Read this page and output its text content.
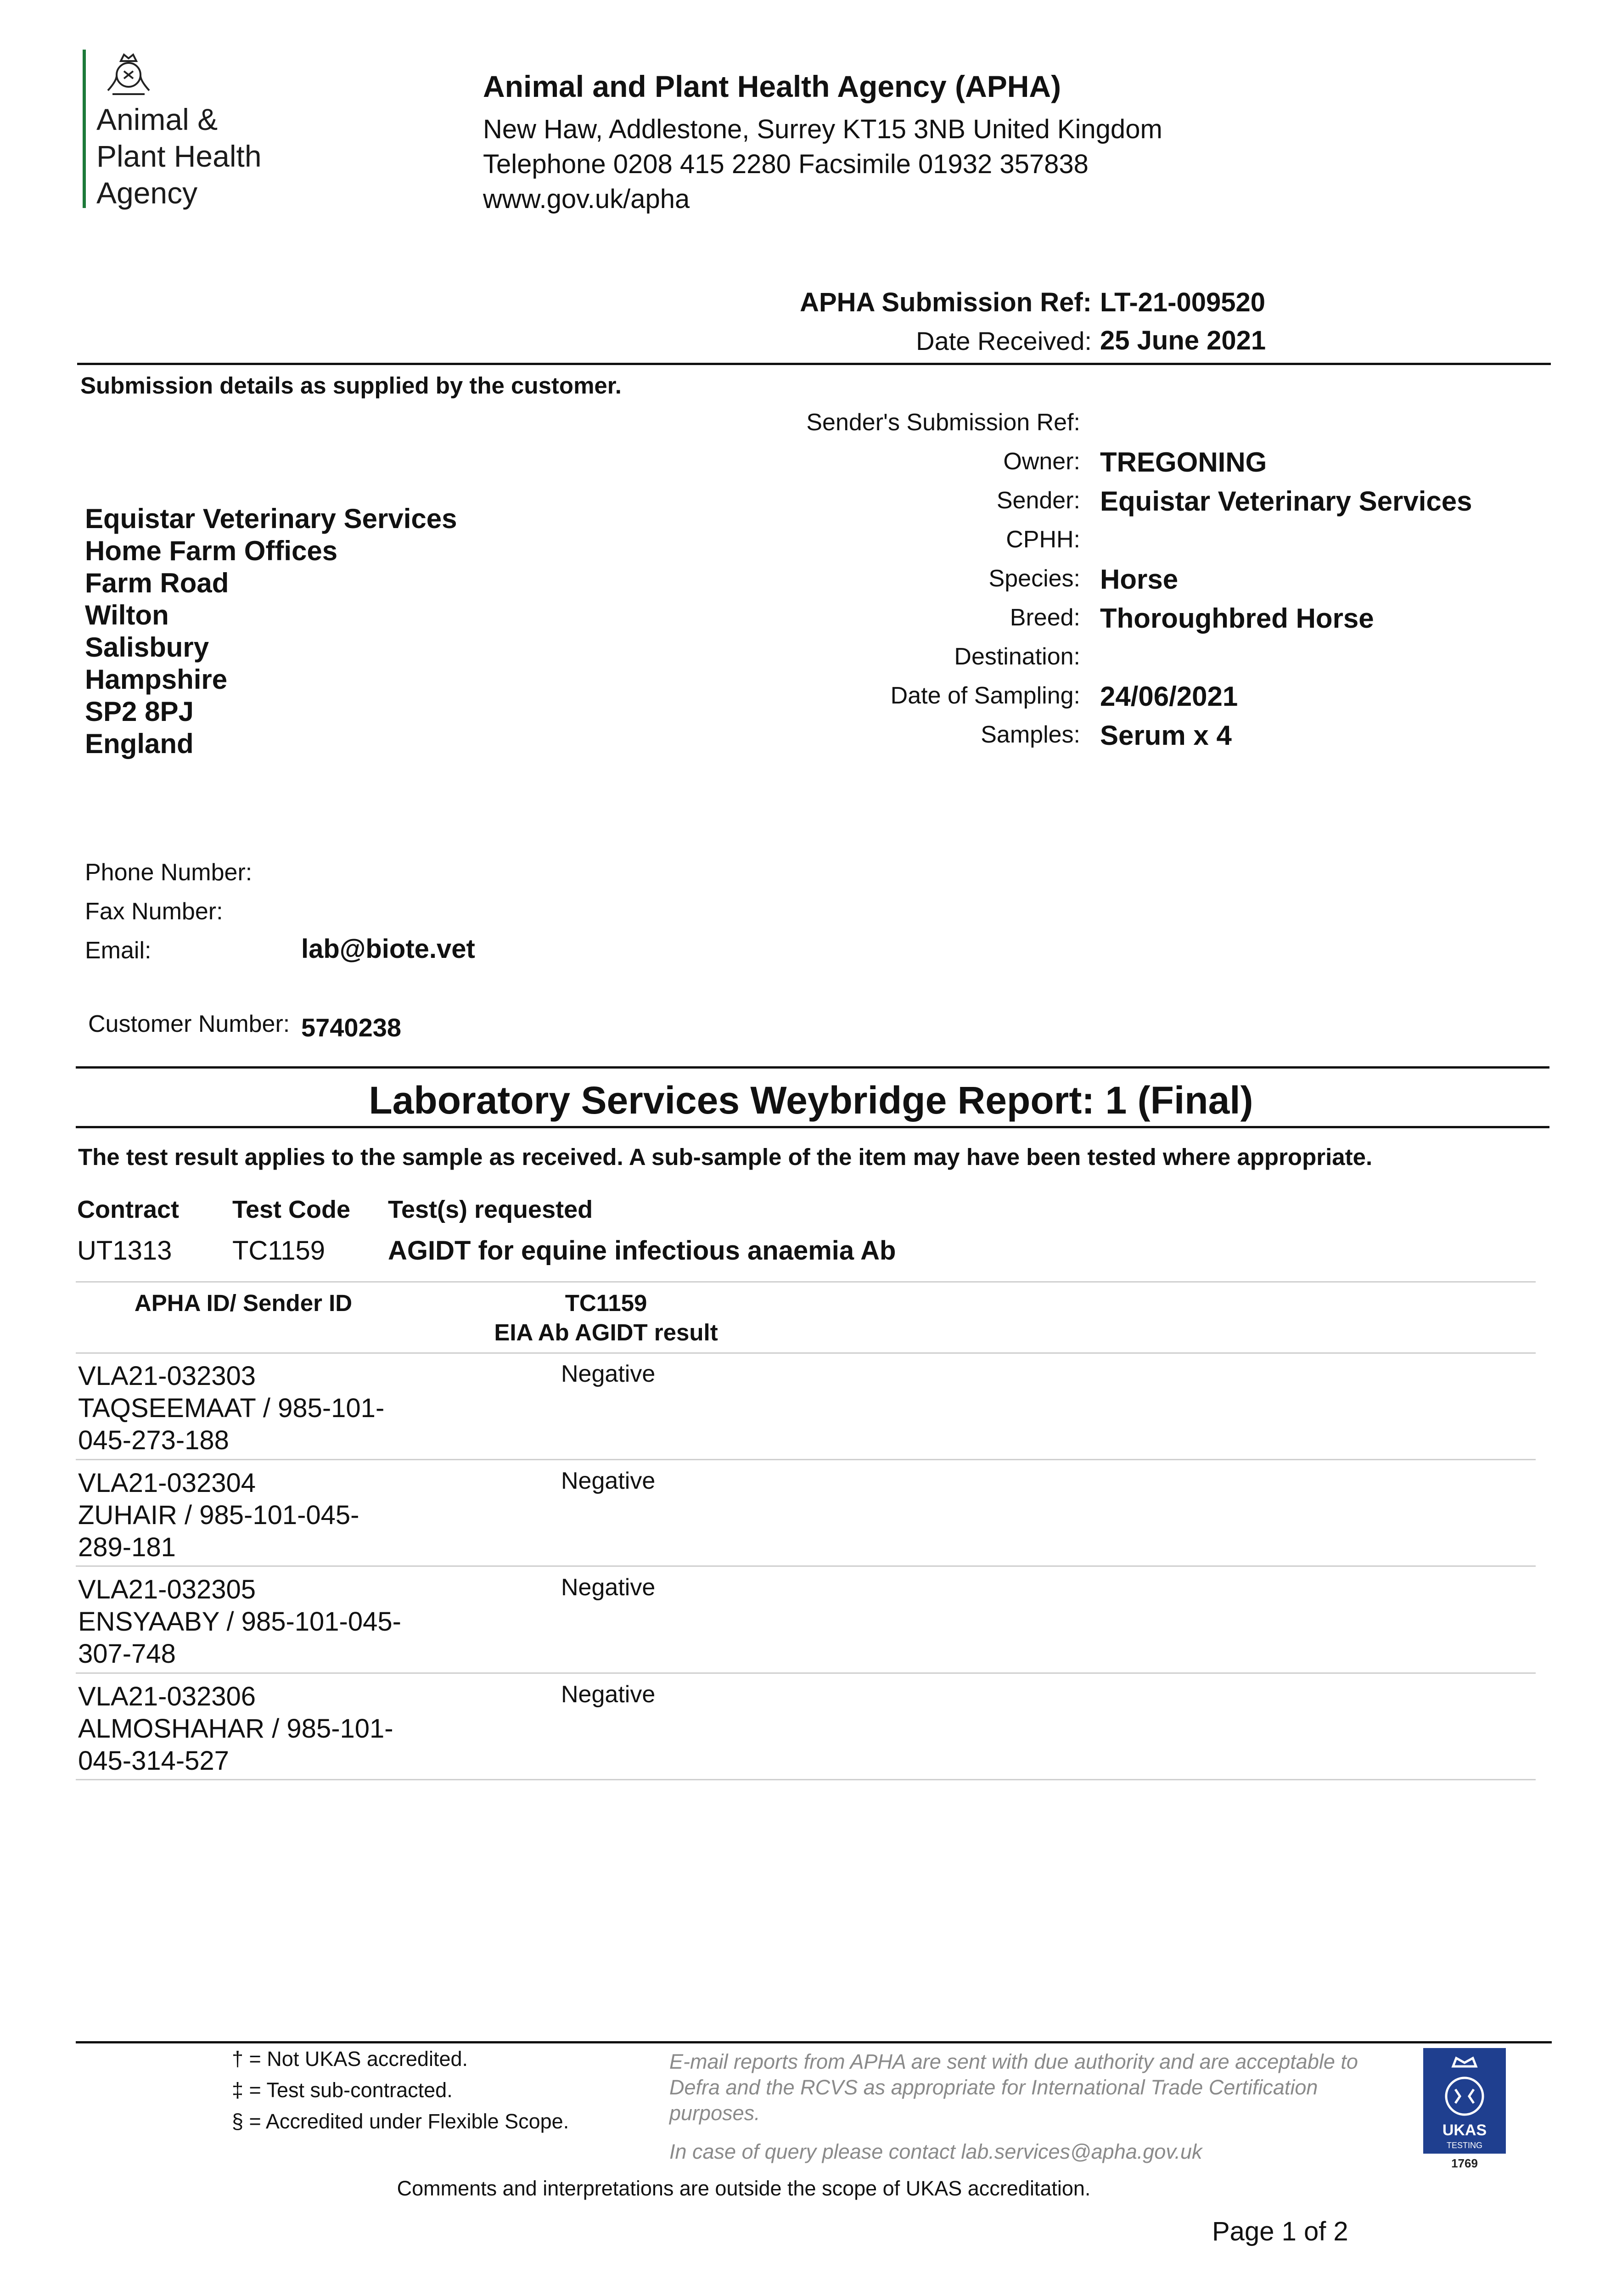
Animal &
Plant Health
Agency
Animal and Plant Health Agency (APHA)
New Haw, Addlestone, Surrey KT15 3NB United Kingdom
Telephone 0208 415 2280 Facsimile 01932 357838
www.gov.uk/apha
APHA Submission Ref: LT-21-009520
Date Received: 25 June 2021
Submission details as supplied by the customer.
Sender's Submission Ref:
Owner: TREGONING
Sender: Equistar Veterinary Services
CPHH:
Species: Horse
Breed: Thoroughbred Horse
Destination:
Date of Sampling: 24/06/2021
Samples: Serum x 4
Equistar Veterinary Services
Home Farm Offices
Farm Road
Wilton
Salisbury
Hampshire
SP2 8PJ
England
Phone Number:
Fax Number:
Email:	lab@biote.vet
Customer Number: 5740238
Laboratory Services Weybridge Report: 1 (Final)
The test result applies to the sample as received. A sub-sample of the item may have been tested where appropriate.
Contract Test Code Test(s) requested
UT1313 TC1159 AGIDT for equine infectious anaemia Ab
APHA ID/ Sender ID	TC1159
EIA Ab AGIDT result
VLA21-032303
TAQSEEMAAT / 985-101-
045-273-188
Negative
VLA21-032304
ZUHAIR / 985-101-045-
289-181
Negative
VLA21-032305
ENSYAABY / 985-101-045-
307-748
Negative
VLA21-032306
ALMOSHAHAR / 985-101-
045-314-527
Negative
† = Not UKAS accredited.
‡ = Test sub-contracted.
§ = Accredited under Flexible Scope.
E-mail reports from APHA are sent with due authority and are acceptable to Defra and the RCVS as appropriate for International Trade Certification purposes.
In case of query please contact lab.services@apha.gov.uk
Comments and interpretations are outside the scope of UKAS accreditation.
Page 1 of 2
UKAS
TESTING
1769
